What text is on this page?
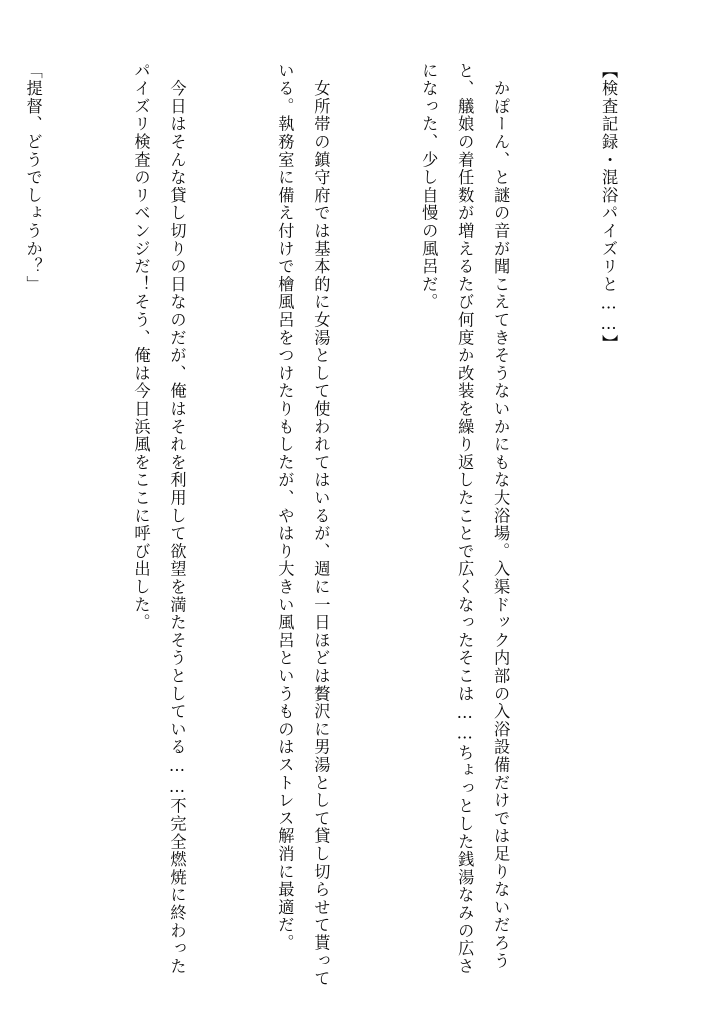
【検査記録・混浴パイズリと……】

　かぽーん、と謎の音が聞こえてきそうないかにもな大浴場。入渠ドック内部の入浴設備だけでは足りないだろうと、艤娘の着任数が増えるたび何度か改装を繰り返したことで広くなったそこは……ちょっとした銭湯なみの広さになった、少し自慢の風呂だ。

　女所帯の鎮守府では基本的に女湯として使われてはいるが、週に一日ほどは贅沢に男湯として貸し切らせて貰っている。執務室に備え付けで檜風呂をつけたりもしたが、やはり大きい風呂というものはストレス解消に最適だ。

　今日はそんな貸し切りの日なのだが、俺はそれを利用して欲望を満たそうとしている……不完全燃焼に終わったパイズリ検査のリベンジだ！そう、俺は今日浜風をここに呼び出した。

「提督、どうでしょうか？」
